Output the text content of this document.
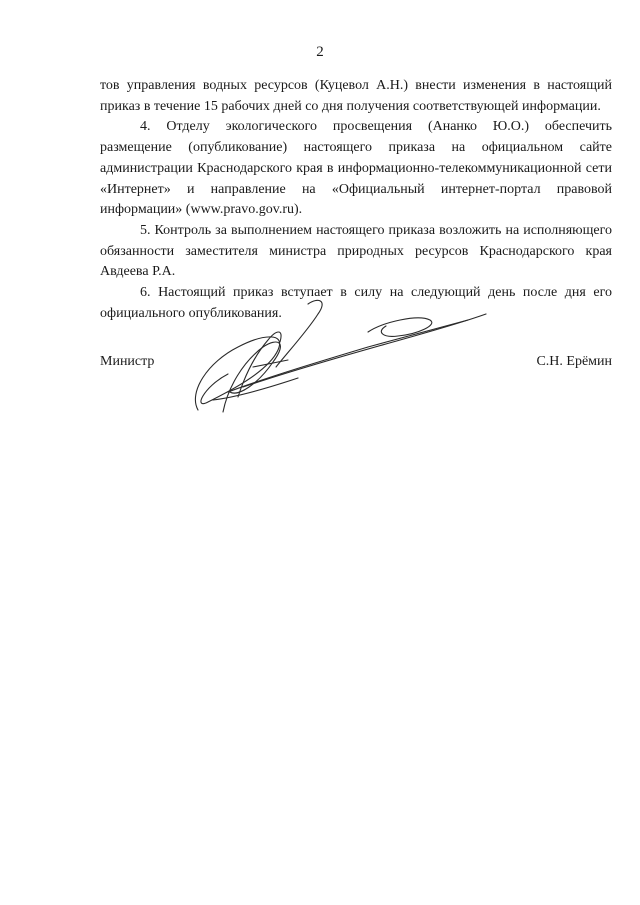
2

тов управления водных ресурсов (Куцевол А.Н.) внести изменения в настоящий приказ в течение 15 рабочих дней со дня получения соответствующей информации.

4. Отделу экологического просвещения (Ананко Ю.О.) обеспечить размещение (опубликование) настоящего приказа на официальном сайте администрации Краснодарского края в информационно-телекоммуникационной сети «Интернет» и направление на «Официальный интернет-портал правовой информации» (www.pravo.gov.ru).

5. Контроль за выполнением настоящего приказа возложить на исполняющего обязанности заместителя министра природных ресурсов Краснодарского края Авдеева Р.А.

6. Настоящий приказ вступает в силу на следующий день после дня его официального опубликования.

Министр	С.Н. Ерёмин
